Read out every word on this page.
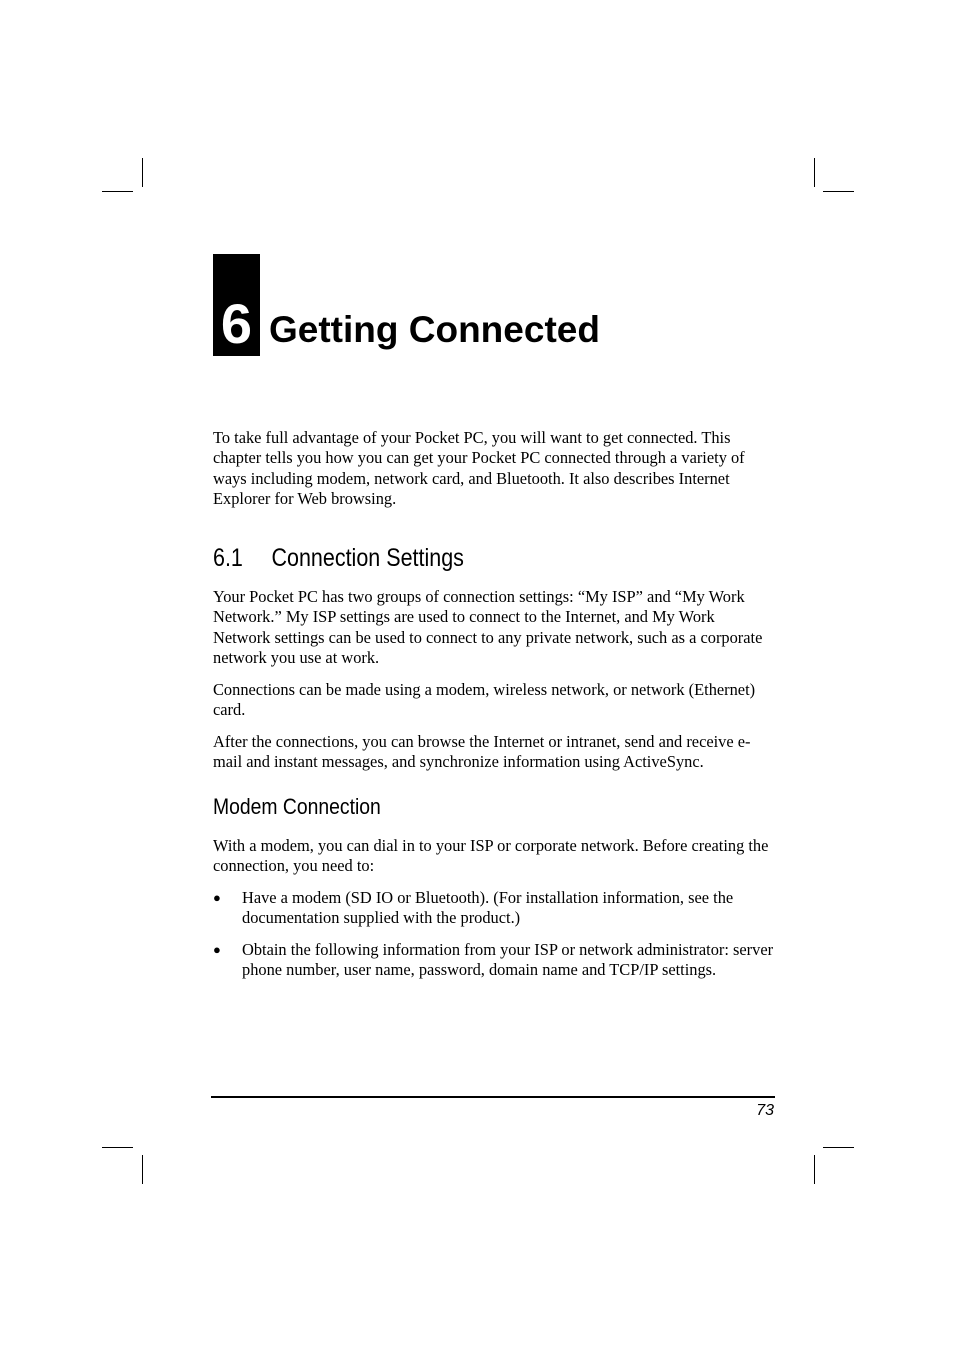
6 Getting Connected

To take full advantage of your Pocket PC, you will want to get connected. This chapter tells you how you can get your Pocket PC connected through a variety of ways including modem, network card, and Bluetooth. It also describes Internet Explorer for Web browsing.

6.1 Connection Settings

Your Pocket PC has two groups of connection settings: “My ISP” and “My Work Network.” My ISP settings are used to connect to the Internet, and My Work Network settings can be used to connect to any private network, such as a corporate network you use at work.

Connections can be made using a modem, wireless network, or network (Ethernet) card.

After the connections, you can browse the Internet or intranet, send and receive e-mail and instant messages, and synchronize information using ActiveSync.

Modem Connection

With a modem, you can dial in to your ISP or corporate network. Before creating the connection, you need to:

● Have a modem (SD IO or Bluetooth). (For installation information, see the documentation supplied with the product.)

● Obtain the following information from your ISP or network administrator: server phone number, user name, password, domain name and TCP/IP settings.

73
